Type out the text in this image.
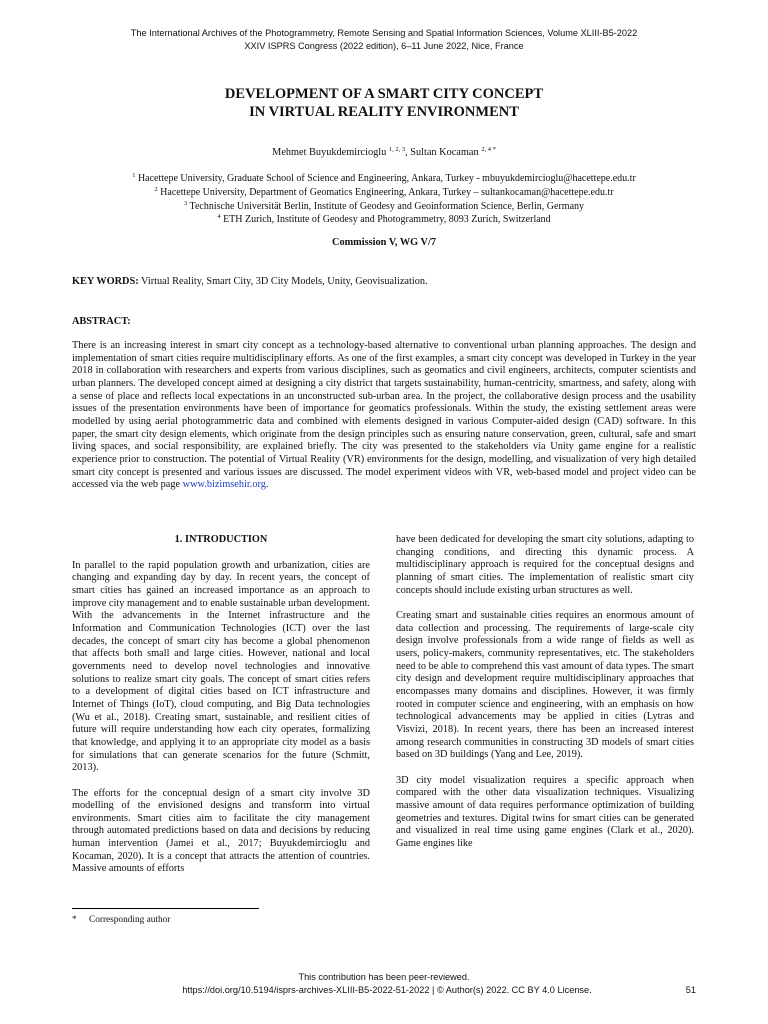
The International Archives of the Photogrammetry, Remote Sensing and Spatial Information Sciences, Volume XLIII-B5-2022
XXIV ISPRS Congress (2022 edition), 6–11 June 2022, Nice, France
DEVELOPMENT OF A SMART CITY CONCEPT
IN VIRTUAL REALITY ENVIRONMENT
Mehmet Buyukdemircioglu $^{1, 2, 3}$, Sultan Kocaman $^{2, 4 *}$
$^1$ Hacettepe University, Graduate School of Science and Engineering, Ankara, Turkey - mbuyukdemircioglu@hacettepe.edu.tr
$^2$ Hacettepe University, Department of Geomatics Engineering, Ankara, Turkey – sultankocaman@hacettepe.edu.tr
$^3$ Technische Universität Berlin, Institute of Geodesy and Geoinformation Science, Berlin, Germany
$^4$ ETH Zurich, Institute of Geodesy and Photogrammetry, 8093 Zurich, Switzerland
Commission V, WG V/7
KEY WORDS: Virtual Reality, Smart City, 3D City Models, Unity, Geovisualization.
ABSTRACT:

There is an increasing interest in smart city concept as a technology-based alternative to conventional urban planning approaches. The design and implementation of smart cities require multidisciplinary efforts. As one of the first examples, a smart city concept was developed in Turkey in the year 2018 in collaboration with researchers and experts from various disciplines, such as geomatics and civil engineers, architects, computer scientists and urban planners. The developed concept aimed at designing a city district that targets sustainability, human-centricity, smartness, and safety, along with a sense of place and reflects local expectations in an unconstructed sub-urban area. In the project, the collaborative design process and the usability issues of the presentation environments have been of importance for geomatics professionals. Within the study, the existing settlement areas were modelled by using aerial photogrammetric data and combined with elements designed in various Computer-aided design (CAD) software. In this paper, the smart city design elements, which originate from the design principles such as ensuring nature conservation, green, cultural, safe and smart living spaces, and social responsibility, are explained briefly. The city was presented to the stakeholders via Unity game engine for a realistic experience prior to construction. The potential of Virtual Reality (VR) environments for the design, modelling, and visualization of very high detailed smart city concept is presented and various issues are discussed. The model experiment videos with VR, web-based model and project video can be accessed via the web page www.bizimsehir.org.

1. INTRODUCTION

In parallel to the rapid population growth and urbanization, cities are changing and expanding day by day. In recent years, the concept of smart cities has gained an increased importance as an approach to improve city management and to enable sustainable urban development. With the advancements in the Internet infrastructure and the Information and Communication Technologies (ICT) over the last decades, the concept of smart city has become a global phenomenon that affects both small and large cities. However, national and local governments need to develop novel technologies and innovative solutions to realize smart city goals. The concept of smart cities refers to a development of digital cities based on ICT infrastructure and Internet of Things (IoT), cloud computing, and Big Data technologies (Wu et al., 2018). Creating smart, sustainable, and resilient cities of future will require understanding how each city operates, formalizing that knowledge, and applying it to an appropriate city model as a basis for simulations that can generate scenarios for the future (Schmitt, 2013).

The efforts for the conceptual design of a smart city involve 3D modelling of the envisioned designs and transform into virtual environments. Smart cities aim to facilitate the city management through automated predictions based on data and decisions by reducing human intervention (Jamei et al., 2017; Buyukdemircioglu and Kocaman, 2020). It is a concept that attracts the attention of countries. Massive amounts of efforts

have been dedicated for developing the smart city solutions, adapting to changing conditions, and directing this dynamic process. A multidisciplinary approach is required for the conceptual designs and planning of smart cities. The implementation of realistic smart city concepts should include existing urban structures as well.

Creating smart and sustainable cities requires an enormous amount of data collection and processing. The requirements of large-scale city design involve professionals from a wide range of fields as well as users, policy-makers, community representatives, etc. The stakeholders need to be able to comprehend this vast amount of data types. The smart city design and development require multidisciplinary approaches that encompasses many domains and disciplines. However, it was firmly rooted in computer science and engineering, with an emphasis on how technological advancements may be applied in cities (Lytras and Visvizi, 2018). In recent years, there has been an increased interest among research communities in constructing 3D models of smart cities based on 3D buildings (Yang and Lee, 2019).

3D city model visualization requires a specific approach when compared with the other data visualization techniques. Visualizing massive amount of data requires performance optimization of building geometries and textures. Digital twins for smart cities can be generated and visualized in real time using game engines (Clark et al., 2020). Game engines like

* Corresponding author
This contribution has been peer-reviewed.
https://doi.org/10.5194/isprs-archives-XLIII-B5-2022-51-2022 | © Author(s) 2022. CC BY 4.0 License.	51
